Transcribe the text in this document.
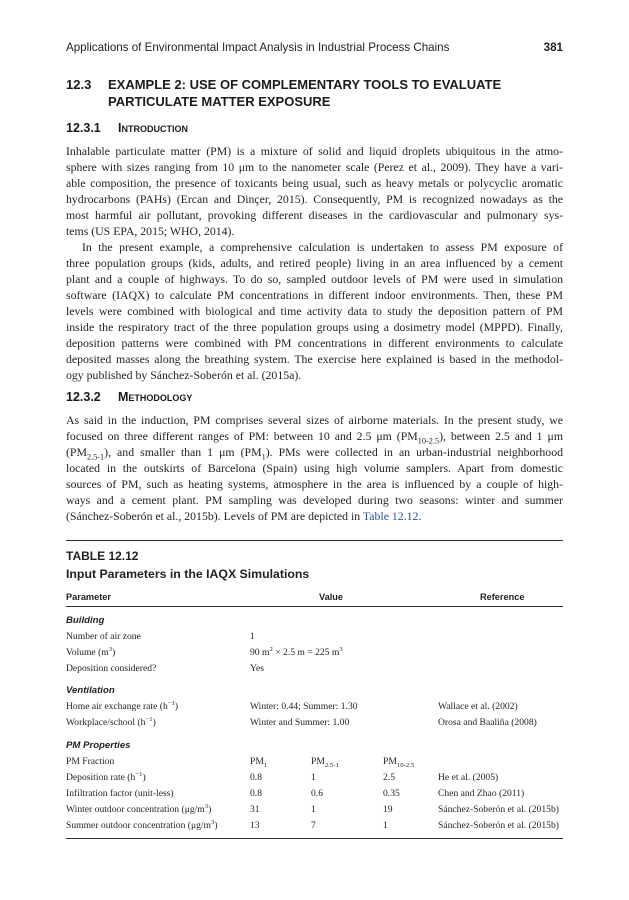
Applications of Environmental Impact Analysis in Industrial Process Chains	381
12.3 EXAMPLE 2: USE OF COMPLEMENTARY TOOLS TO EVALUATE
PARTICULATE MATTER EXPOSURE
12.3.1 Introduction

Inhalable particulate matter (PM) is a mixture of solid and liquid droplets ubiquitous in the atmo-
sphere with sizes ranging from 10 μm to the nanometer scale (Perez et al., 2009). They have a vari-
able composition, the presence of toxicants being usual, such as heavy metals or polycyclic aromatic
hydrocarbons (PAHs) (Ercan and Dinçer, 2015). Consequently, PM is recognized nowadays as the
most harmful air pollutant, provoking different diseases in the cardiovascular and pulmonary sys-
tems (US EPA, 2015; WHO, 2014).

In the present example, a comprehensive calculation is undertaken to assess PM exposure of
three population groups (kids, adults, and retired people) living in an area influenced by a cement
plant and a couple of highways. To do so, sampled outdoor levels of PM were used in simulation
software (IAQX) to calculate PM concentrations in different indoor environments. Then, these PM
levels were combined with biological and time activity data to study the deposition pattern of PM
inside the respiratory tract of the three population groups using a dosimetry model (MPPD). Finally,
deposition patterns were combined with PM concentrations in different environments to calculate
deposited masses along the breathing system. The exercise here explained is based in the methodol-
ogy published by Sánchez-Soberón et al. (2015a).

12.3.2 Methodology

As said in the induction, PM comprises several sizes of airborne materials. In the present study, we
focused on three different ranges of PM: between 10 and 2.5 μm $(PM_{10-2.5})$, between 2.5 and 1 μm
$(PM_{2.5-1})$, and smaller than 1 μm $(PM_1)$. PMs were collected in an urban-industrial neighborhood
located in the outskirts of Barcelona (Spain) using high volume samplers. Apart from domestic
sources of PM, such as heating systems, atmosphere in the area is influenced by a couple of high-
ways and a cement plant. PM sampling was developed during two seasons: winter and summer
(Sánchez-Soberón et al., 2015b). Levels of PM are depicted in Table 12.12.

TABLE 12.12
Input Parameters in the IAQX Simulations
Parameter	Value	Reference
Building
Number of air zone	1
Volume $(m^3)$	90 $m^2 \times 2.5$ m = 225 $m^3$
Deposition considered?	Yes
Ventilation
Home air exchange rate $(h^{-1})$	Winter: 0.44; Summer: 1.30	Wallace et al. (2002)
Workplace/school $(h^{-1})$	Winter and Summer: 1.00	Orosa and Baaliña (2008)
PM Properties
PM Fraction	$PM_1$	$PM_{2.5-1}$	$PM_{10-2.5}$
Deposition rate $(h^{-1})$	0.8	1	2.5	He et al. (2005)
Infiltration factor (unit-less)	0.8	0.6	0.35	Chen and Zhao (2011)
Winter outdoor concentration $(\mu g/m^3)$	31	1	19	Sánchez-Soberón et al. (2015b)
Summer outdoor concentration $(\mu g/m^3)$	13	7	1	Sánchez-Soberón et al. (2015b)
